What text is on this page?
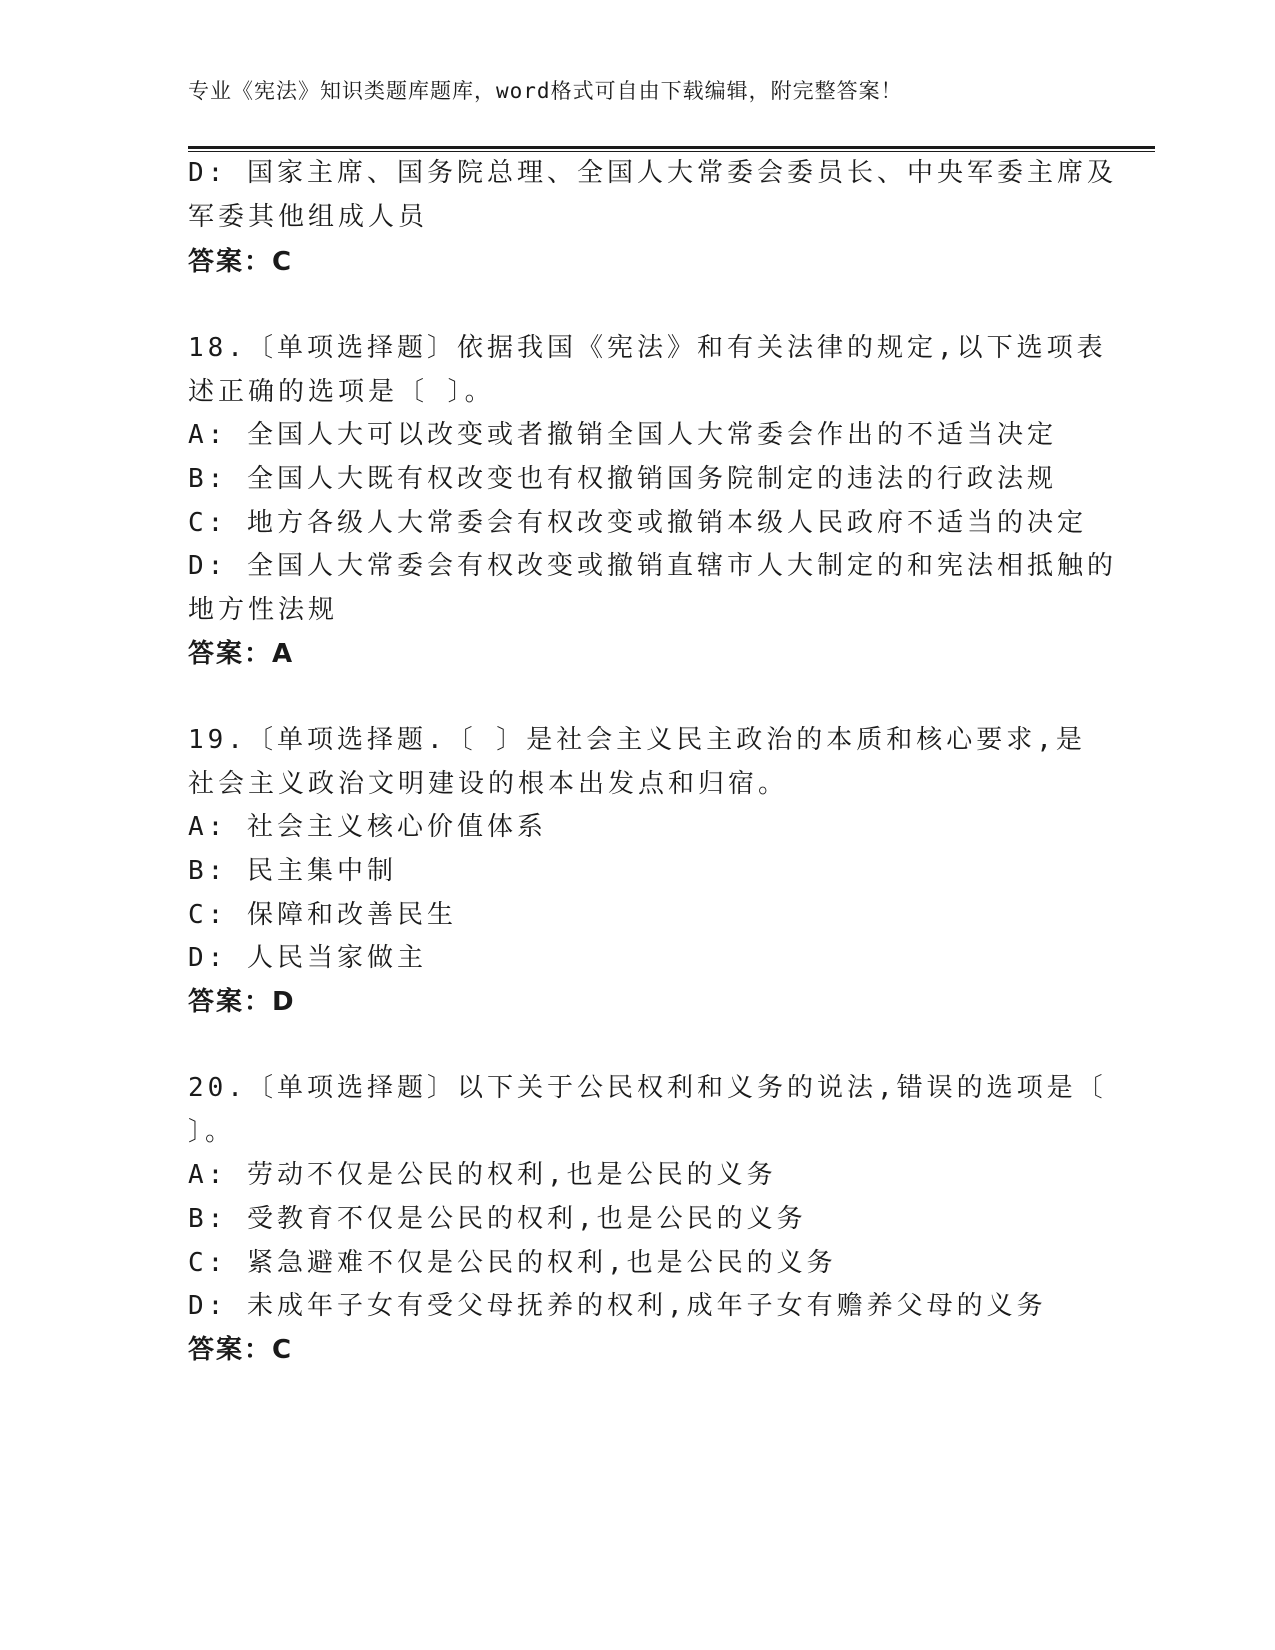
专业《宪法》知识类题库题库，word格式可自由下载编辑，附完整答案！
D: 国家主席、国务院总理、全国人大常委会委员长、中央军委主席及
军委其他组成人员
答案：C
18.〔单项选择题〕依据我国《宪法》和有关法律的规定,以下选项表
述正确的选项是〔 〕。
A: 全国人大可以改变或者撤销全国人大常委会作出的不适当决定
B: 全国人大既有权改变也有权撤销国务院制定的违法的行政法规
C: 地方各级人大常委会有权改变或撤销本级人民政府不适当的决定
D: 全国人大常委会有权改变或撤销直辖市人大制定的和宪法相抵触的
地方性法规
答案：A
19.〔单项选择题.〔 〕是社会主义民主政治的本质和核心要求,是
社会主义政治文明建设的根本出发点和归宿。
A: 社会主义核心价值体系
B: 民主集中制
C: 保障和改善民生
D: 人民当家做主
答案：D
20.〔单项选择题〕以下关于公民权利和义务的说法,错误的选项是〔
〕。
A: 劳动不仅是公民的权利,也是公民的义务
B: 受教育不仅是公民的权利,也是公民的义务
C: 紧急避难不仅是公民的权利,也是公民的义务
D: 未成年子女有受父母抚养的权利,成年子女有赡养父母的义务
答案：C
